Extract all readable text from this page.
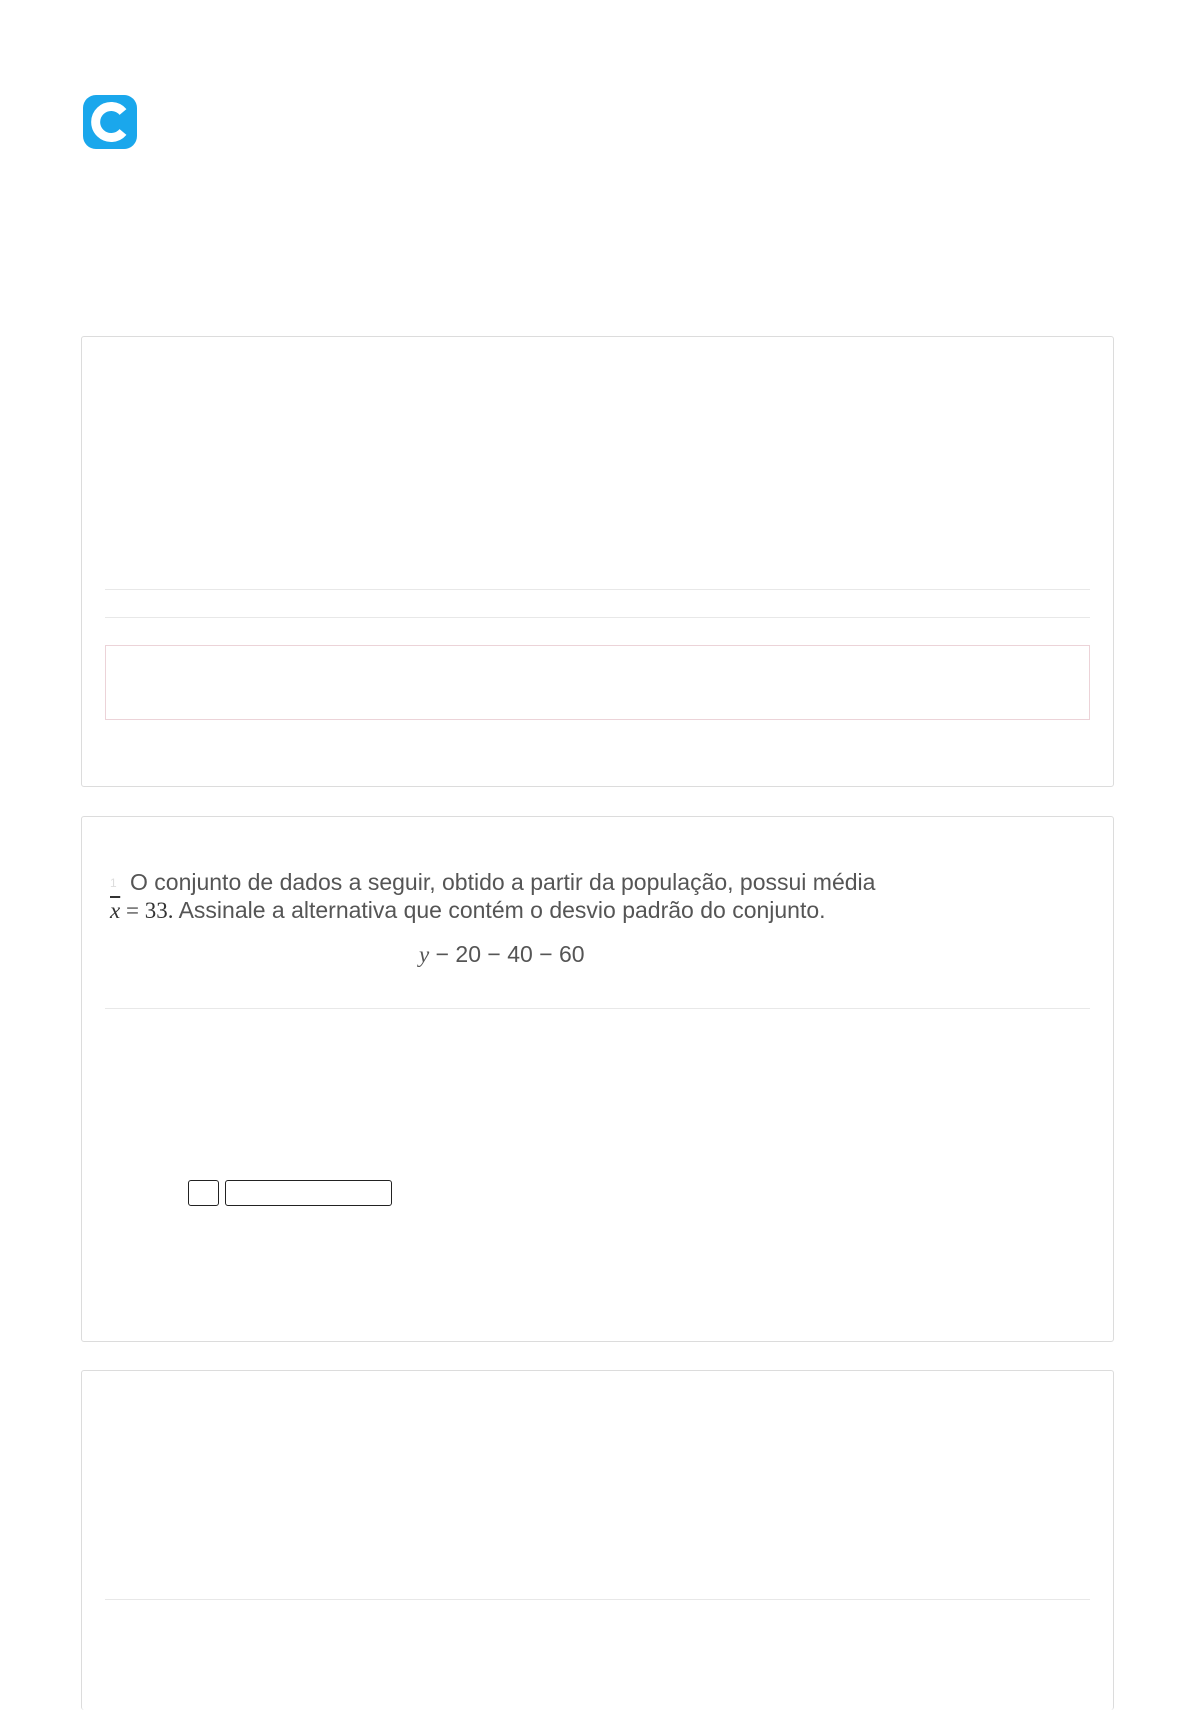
1 O conjunto de dados a seguir, obtido a partir da população, possui média
$\overline{x} = 33$. Assinale a alternativa que contém o desvio padrão do conjunto.
y − 20 − 40 − 60
